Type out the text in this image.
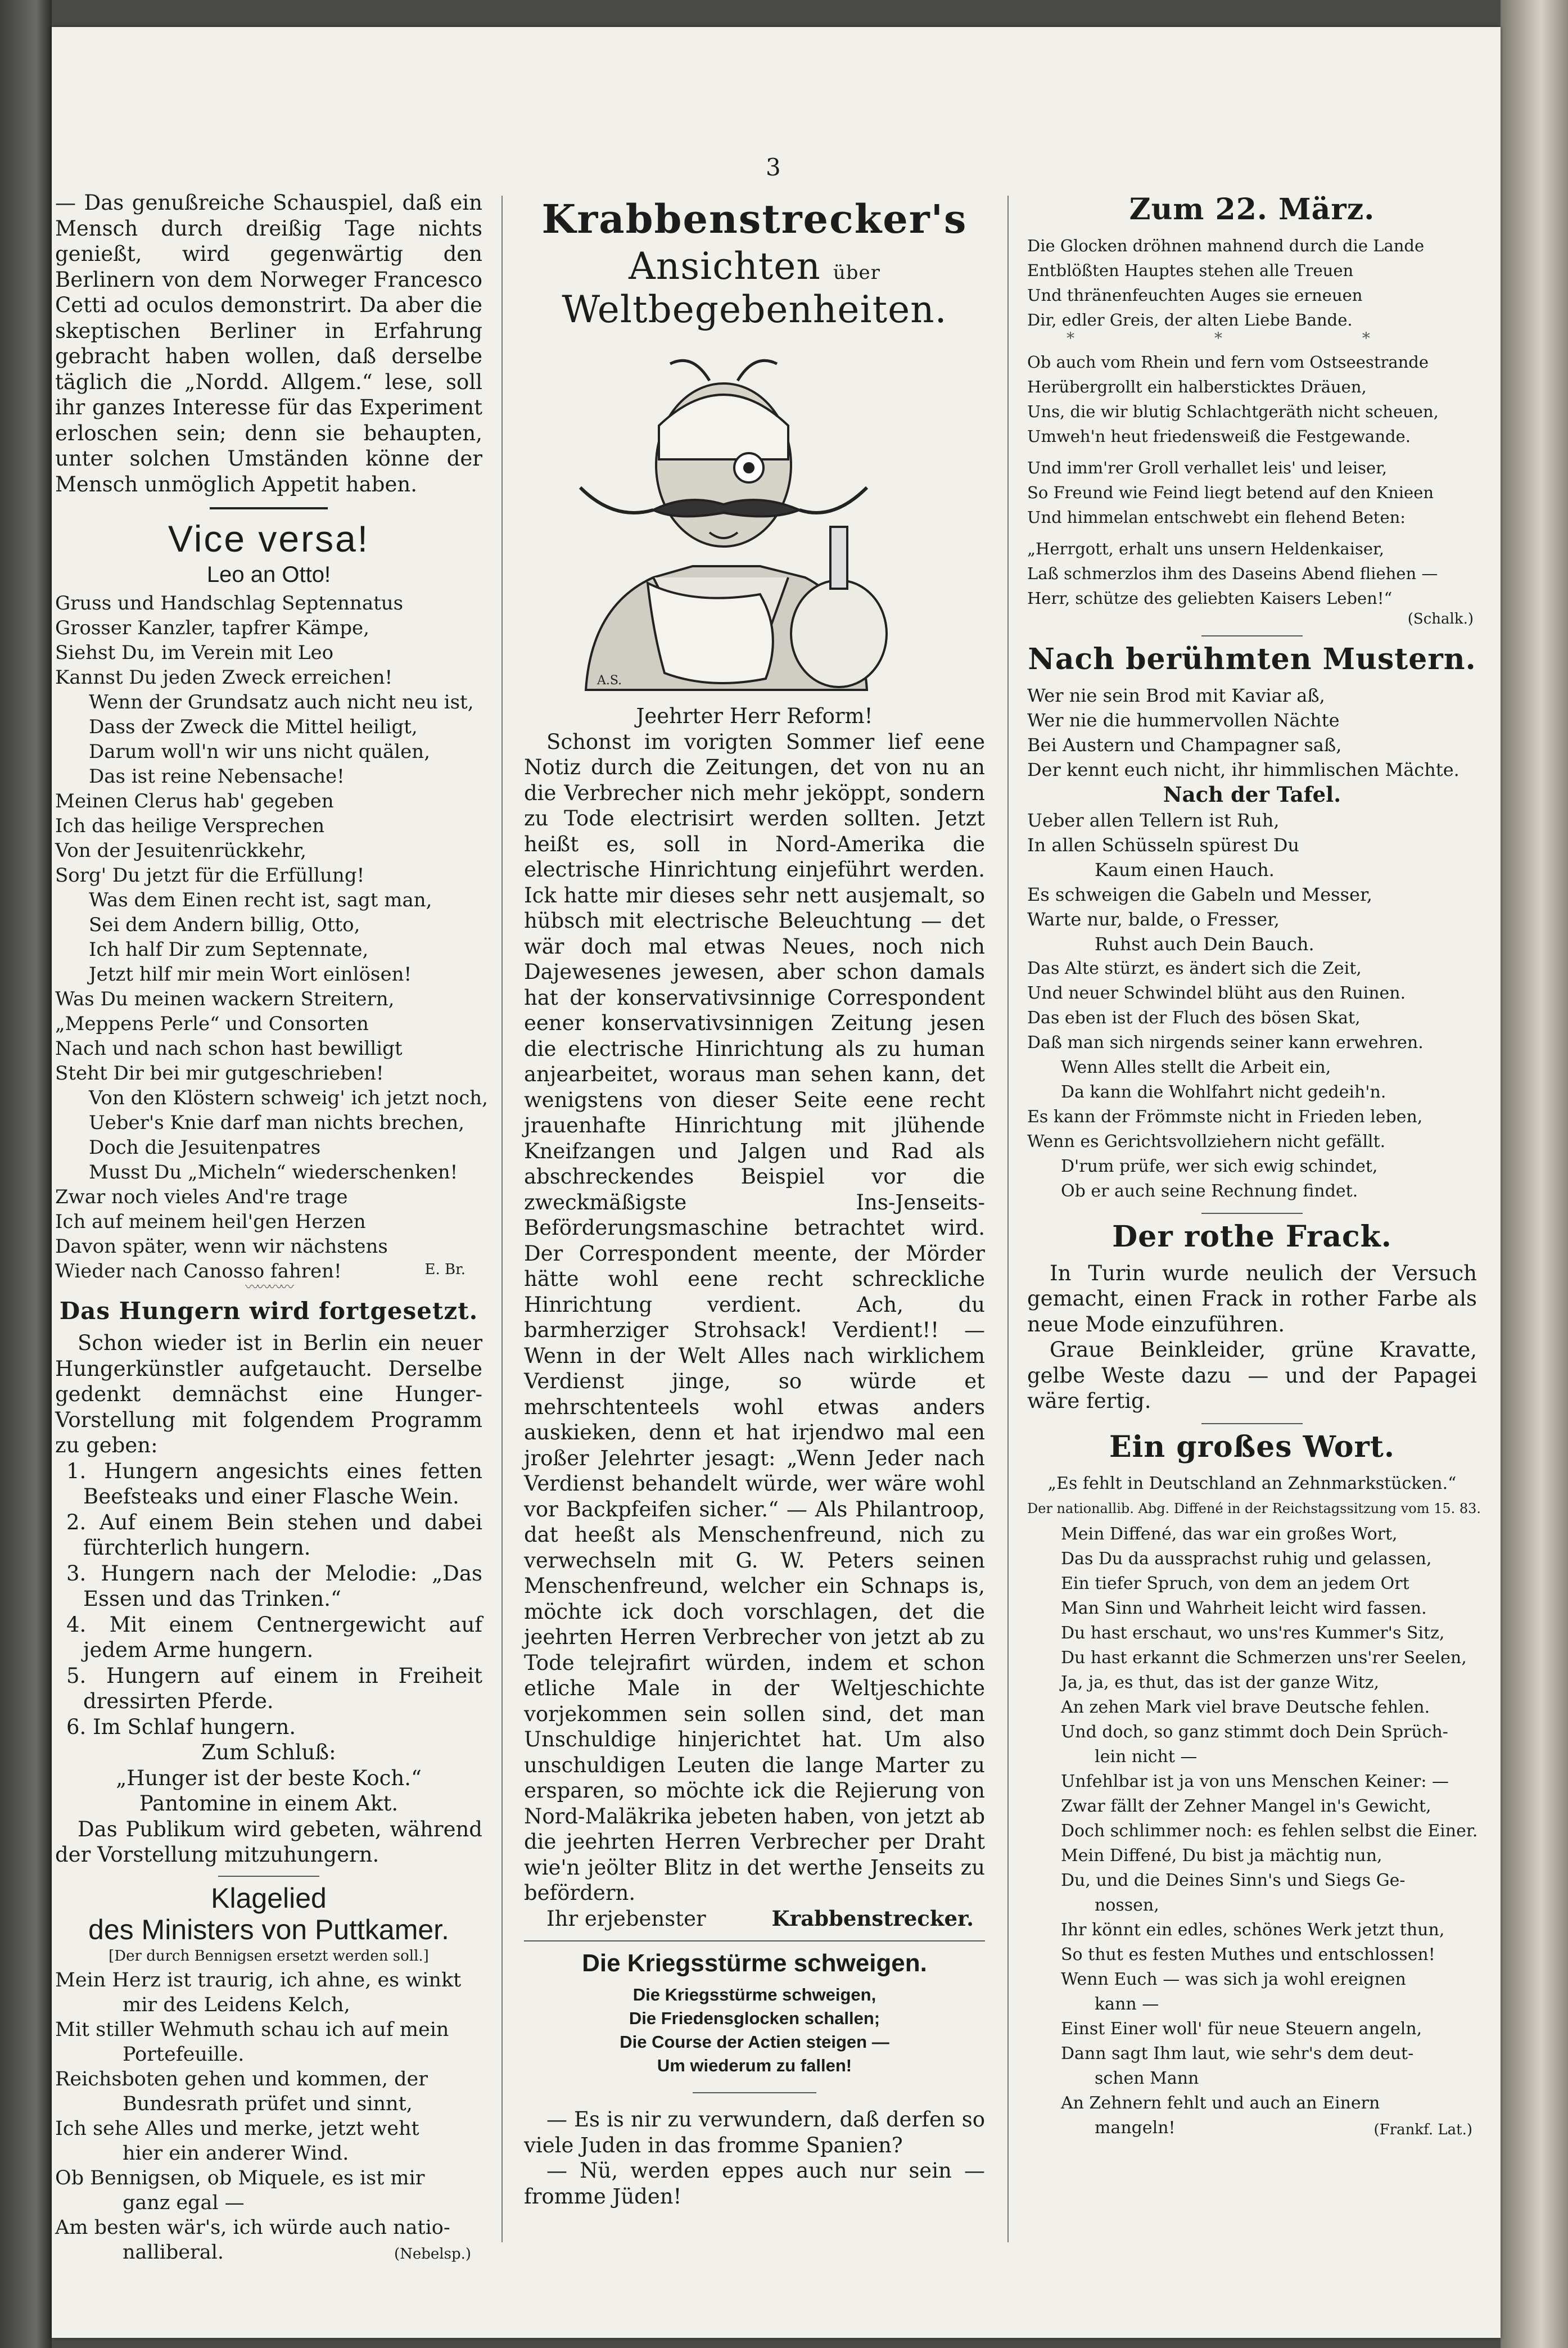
3

— Das genußreiche Schauspiel, daß ein Mensch durch dreißig Tage nichts genießt, wird gegenwärtig den Berlinern von dem Norweger Francesco Cetti ad oculos demonstrirt. Da aber die skeptischen Berliner in Erfahrung gebracht haben wollen, daß derselbe täglich die „Nordd. Allgem.“ lese, soll ihr ganzes Interesse für das Experiment erloschen sein; denn sie behaupten, unter solchen Umständen könne der Mensch unmöglich Appetit haben.

Vice versa!
Leo an Otto!
Gruss und Handschlag Septennatus
Grosser Kanzler, tapfrer Kämpe,
Siehst Du, im Verein mit Leo
Kannst Du jeden Zweck erreichen!
Wenn der Grundsatz auch nicht neu ist,
Dass der Zweck die Mittel heiligt,
Darum woll'n wir uns nicht quälen,
Das ist reine Nebensache!
Meinen Clerus hab' gegeben
Ich das heilige Versprechen
Von der Jesuitenrückkehr,
Sorg' Du jetzt für die Erfüllung!
Was dem Einen recht ist, sagt man,
Sei dem Andern billig, Otto,
Ich half Dir zum Septennate,
Jetzt hilf mir mein Wort einlösen!
Was Du meinen wackern Streitern,
„Meppens Perle“ und Consorten
Nach und nach schon hast bewilligt
Steht Dir bei mir gutgeschrieben!
Von den Klöstern schweig' ich jetzt noch,
Ueber's Knie darf man nichts brechen,
Doch die Jesuitenpatres
Musst Du „Micheln“ wiederschenken!
Zwar noch vieles And're trage
Ich auf meinem heil'gen Herzen
Davon später, wenn wir nächstens
Wieder nach Canosso fahren!	E. Br.
〰〰〰〰
Das Hungern wird fortgesetzt.

Schon wieder ist in Berlin ein neuer Hungerkünstler aufgetaucht. Derselbe gedenkt demnächst eine Hunger-Vorstellung mit folgendem Programm zu geben:

1. Hungern angesichts eines fetten Beefsteaks und einer Flasche Wein.
2. Auf einem Bein stehen und dabei fürchterlich hungern.
3. Hungern nach der Melodie: „Das Essen und das Trinken.“
4. Mit einem Centnergewicht auf jedem Arme hungern.
5. Hungern auf einem in Freiheit dressirten Pferde.
6. Im Schlaf hungern.
Zum Schluß:
„Hunger ist der beste Koch.“
Pantomine in einem Akt.

Das Publikum wird gebeten, während der Vorstellung mitzuhungern.

Klagelied
des Ministers von Puttkamer.
[Der durch Bennigsen ersetzt werden soll.]
Mein Herz ist traurig, ich ahne, es winkt
mir des Leidens Kelch,
Mit stiller Wehmuth schau ich auf mein
Portefeuille.
Reichsboten gehen und kommen, der
Bundesrath prüfet und sinnt,
Ich sehe Alles und merke, jetzt weht
hier ein anderer Wind.
Ob Bennigsen, ob Miquele, es ist mir
ganz egal —
Am besten wär's, ich würde auch natio-
nalliberal.	(Nebelsp.)
Krabbenstrecker's
Ansichten über Weltbegebenheiten.
A.S.
Jeehrter Herr Reform!

Schonst im vorigten Sommer lief eene Notiz durch die Zeitungen, det von nu an die Verbrecher nich mehr jeköppt, sondern zu Tode electrisirt werden sollten. Jetzt heißt es, soll in Nord-Amerika die electrische Hinrichtung einjeführt werden. Ick hatte mir dieses sehr nett ausjemalt, so hübsch mit electrische Beleuchtung — det wär doch mal etwas Neues, noch nich Dajewesenes jewesen, aber schon damals hat der konservativsinnige Correspondent eener konservativsinnigen Zeitung jesen die electrische Hinrichtung als zu human anjearbeitet, woraus man sehen kann, det wenigstens von dieser Seite eene recht jrauenhafte Hinrichtung mit jlühende Kneifzangen und Jalgen und Rad als abschreckendes Beispiel vor die zweckmäßigste Ins-Jenseits-Beförderungsmaschine betrachtet wird. Der Correspondent meente, der Mörder hätte wohl eene recht schreckliche Hinrichtung verdient. Ach, du barmherziger Strohsack! Verdient!! — Wenn in der Welt Alles nach wirklichem Verdienst jinge, so würde et mehrschtenteels wohl etwas anders auskieken, denn et hat irjendwo mal een jroßer Jelehrter jesagt: „Wenn Jeder nach Verdienst behandelt würde, wer wäre wohl vor Backpfeifen sicher.“ — Als Philantroop, dat heeßt als Menschenfreund, nich zu verwechseln mit G. W. Peters seinen Menschenfreund, welcher ein Schnaps is, möchte ick doch vorschlagen, det die jeehrten Herren Verbrecher von jetzt ab zu Tode telejrafirt würden, indem et schon etliche Male in der Weltjeschichte vorjekommen sein sollen sind, det man Unschuldige hinjerichtet hat. Um also unschuldigen Leuten die lange Marter zu ersparen, so möchte ick die Rejierung von Nord-Maläkrika jebeten haben, von jetzt ab die jeehrten Herren Verbrecher per Draht wie'n jeölter Blitz in det werthe Jenseits zu befördern.

Ihr erjebenster	Krabbenstrecker.
Die Kriegsstürme schweigen.
Die Kriegsstürme schweigen,
Die Friedensglocken schallen;
Die Course der Actien steigen —
Um wiederum zu fallen!
— Es is nir zu verwundern, daß derfen so viele Juden in das fromme Spanien?
— Nü, werden eppes auch nur sein — fromme Jüden!
Zum 22. März.
Die Glocken dröhnen mahnend durch die Lande
Entblößten Hauptes stehen alle Treuen
Und thränenfeuchten Auges sie erneuen
Dir, edler Greis, der alten Liebe Bande.
* * *
Ob auch vom Rhein und fern vom Ostseestrande
Herübergrollt ein halbersticktes Dräuen,
Uns, die wir blutig Schlachtgeräth nicht scheuen,
Umweh'n heut friedensweiß die Festgewande.
Und imm'rer Groll verhallet leis' und leiser,
So Freund wie Feind liegt betend auf den Knieen
Und himmelan entschwebt ein flehend Beten:
„Herrgott, erhalt uns unsern Heldenkaiser,
Laß schmerzlos ihm des Daseins Abend fliehen —
Herr, schütze des geliebten Kaisers Leben!“
(Schalk.)
Nach berühmten Mustern.
Wer nie sein Brod mit Kaviar aß,
Wer nie die hummervollen Nächte
Bei Austern und Champagner saß,
Der kennt euch nicht, ihr himmlischen Mächte.
Nach der Tafel.
Ueber allen Tellern ist Ruh,
In allen Schüsseln spürest Du
Kaum einen Hauch.
Es schweigen die Gabeln und Messer,
Warte nur, balde, o Fresser,
Ruhst auch Dein Bauch.
Das Alte stürzt, es ändert sich die Zeit,
Und neuer Schwindel blüht aus den Ruinen.
Das eben ist der Fluch des bösen Skat,
Daß man sich nirgends seiner kann erwehren.
Wenn Alles stellt die Arbeit ein,
Da kann die Wohlfahrt nicht gedeih'n.
Es kann der Frömmste nicht in Frieden leben,
Wenn es Gerichtsvollziehern nicht gefällt.
D'rum prüfe, wer sich ewig schindet,
Ob er auch seine Rechnung findet.
Der rothe Frack.

In Turin wurde neulich der Versuch gemacht, einen Frack in rother Farbe als neue Mode einzuführen.

Graue Beinkleider, grüne Kravatte, gelbe Weste dazu — und der Papagei wäre fertig.

Ein großes Wort.
„Es fehlt in Deutschland an Zehnmarkstücken.“
Der nationallib. Abg. Diffené in der Reichstagssitzung vom 15. 83.
Mein Diffené, das war ein großes Wort,
Das Du da aussprachst ruhig und gelassen,
Ein tiefer Spruch, von dem an jedem Ort
Man Sinn und Wahrheit leicht wird fassen.
Du hast erschaut, wo uns'res Kummer's Sitz,
Du hast erkannt die Schmerzen uns'rer Seelen,
Ja, ja, es thut, das ist der ganze Witz,
An zehen Mark viel brave Deutsche fehlen.
Und doch, so ganz stimmt doch Dein Sprüch-
lein nicht —
Unfehlbar ist ja von uns Menschen Keiner: —
Zwar fällt der Zehner Mangel in's Gewicht,
Doch schlimmer noch: es fehlen selbst die Einer.
Mein Diffené, Du bist ja mächtig nun,
Du, und die Deines Sinn's und Siegs Ge-
nossen,
Ihr könnt ein edles, schönes Werk jetzt thun,
So thut es festen Muthes und entschlossen!
Wenn Euch — was sich ja wohl ereignen
kann —
Einst Einer woll' für neue Steuern angeln,
Dann sagt Ihm laut, wie sehr's dem deut-
schen Mann
An Zehnern fehlt und auch an Einern
mangeln!	(Frankf. Lat.)
